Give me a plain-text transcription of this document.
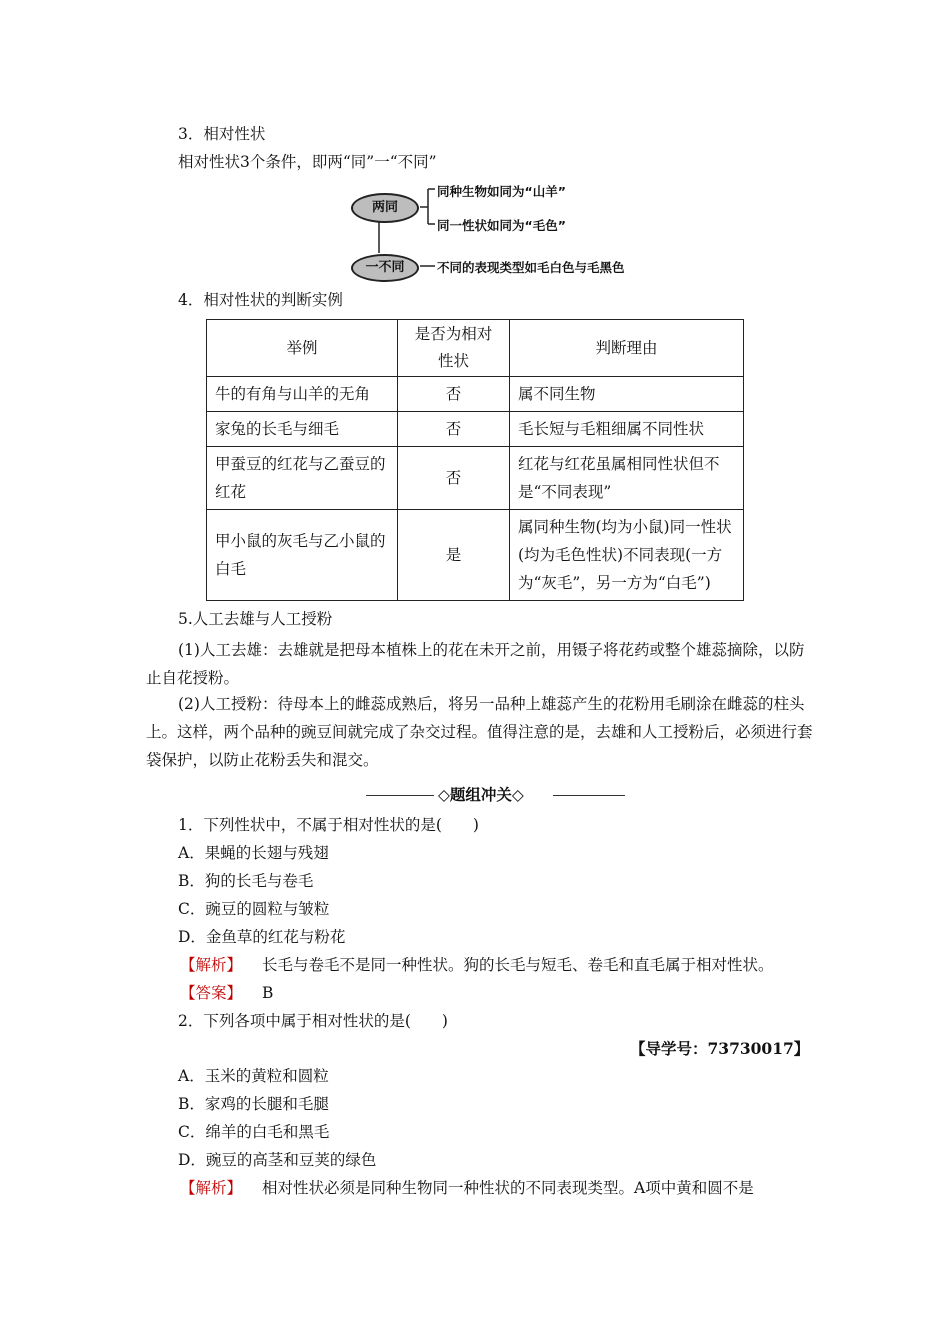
3．相对性状
相对性状3个条件，即两“同”一“不同”
两同
一不同
同种生物如同为“山羊”
同一性状如同为“毛色”
不同的表现类型如毛白色与毛黑色
4．相对性状的判断实例
举例	是否为相对性状	判断理由
牛的有角与山羊的无角	否	属不同生物
家兔的长毛与细毛	否	毛长短与毛粗细属不同性状
甲蚕豆的红花与乙蚕豆的红花	否	红花与红花虽属相同性状但不是“不同表现”
甲小鼠的灰毛与乙小鼠的白毛	是	属同种生物(均为小鼠)同一性状(均为毛色性状)不同表现(一方为“灰毛”，另一方为“白毛”)
5.人工去雄与人工授粉
(1)人工去雄：去雄就是把母本植株上的花在未开之前，用镊子将花药或整个雄蕊摘除，以防止自花授粉。
(2)人工授粉：待母本上的雌蕊成熟后，将另一品种上雄蕊产生的花粉用毛刷涂在雌蕊的柱头上。这样，两个品种的豌豆间就完成了杂交过程。值得注意的是，去雄和人工授粉后，必须进行套袋保护，以防止花粉丢失和混交。
◇题组冲关◇
1．下列性状中，不属于相对性状的是(　　)
A．果蝇的长翅与残翅
B．狗的长毛与卷毛
C．豌豆的圆粒与皱粒
D．金鱼草的红花与粉花
【解析】 长毛与卷毛不是同一种性状。狗的长毛与短毛、卷毛和直毛属于相对性状。
【答案】 B
2．下列各项中属于相对性状的是(　　)
【导学号：73730017】
A．玉米的黄粒和圆粒
B．家鸡的长腿和毛腿
C．绵羊的白毛和黑毛
D．豌豆的高茎和豆荚的绿色
【解析】 相对性状必须是同种生物同一种性状的不同表现类型。A项中黄和圆不是
